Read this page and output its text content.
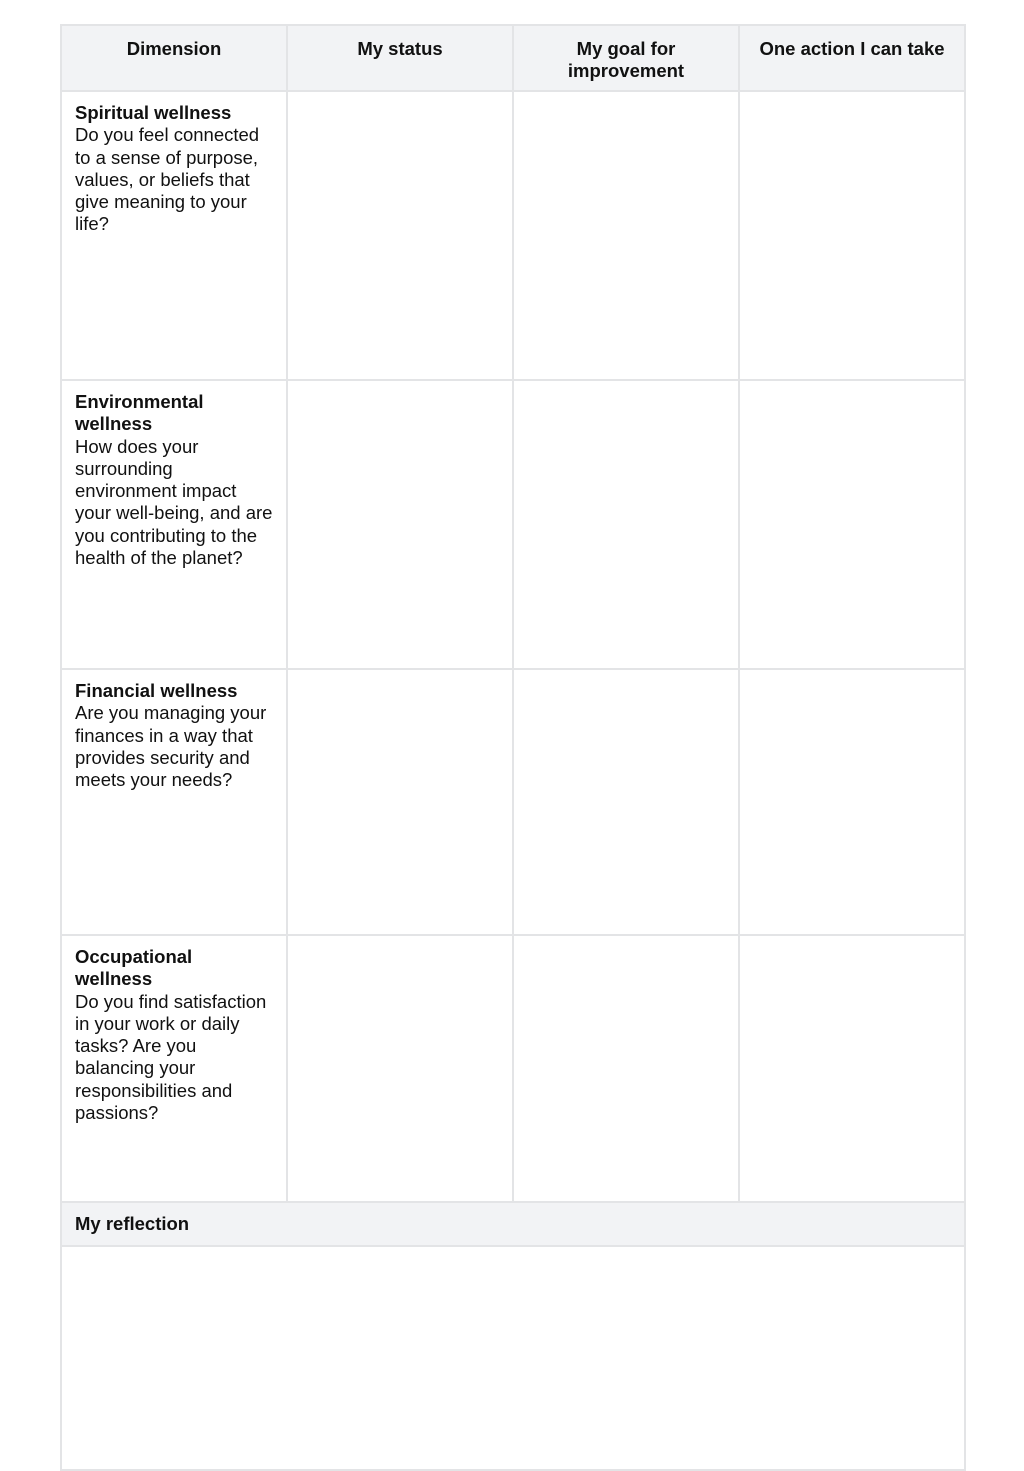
Dimension	My status	My goal for improvement	One action I can take

Spiritual wellness
Do you feel connected to a sense of purpose, values, or beliefs that give meaning to your life?			

Environmental wellness
How does your surrounding environment impact your well-being, and are you contributing to the health of the planet?			

Financial wellness
Are you managing your finances in a way that provides security and meets your needs?			

Occupational wellness
Do you find satisfaction in your work or daily tasks? Are you balancing your responsibilities and passions?			

My reflection			
